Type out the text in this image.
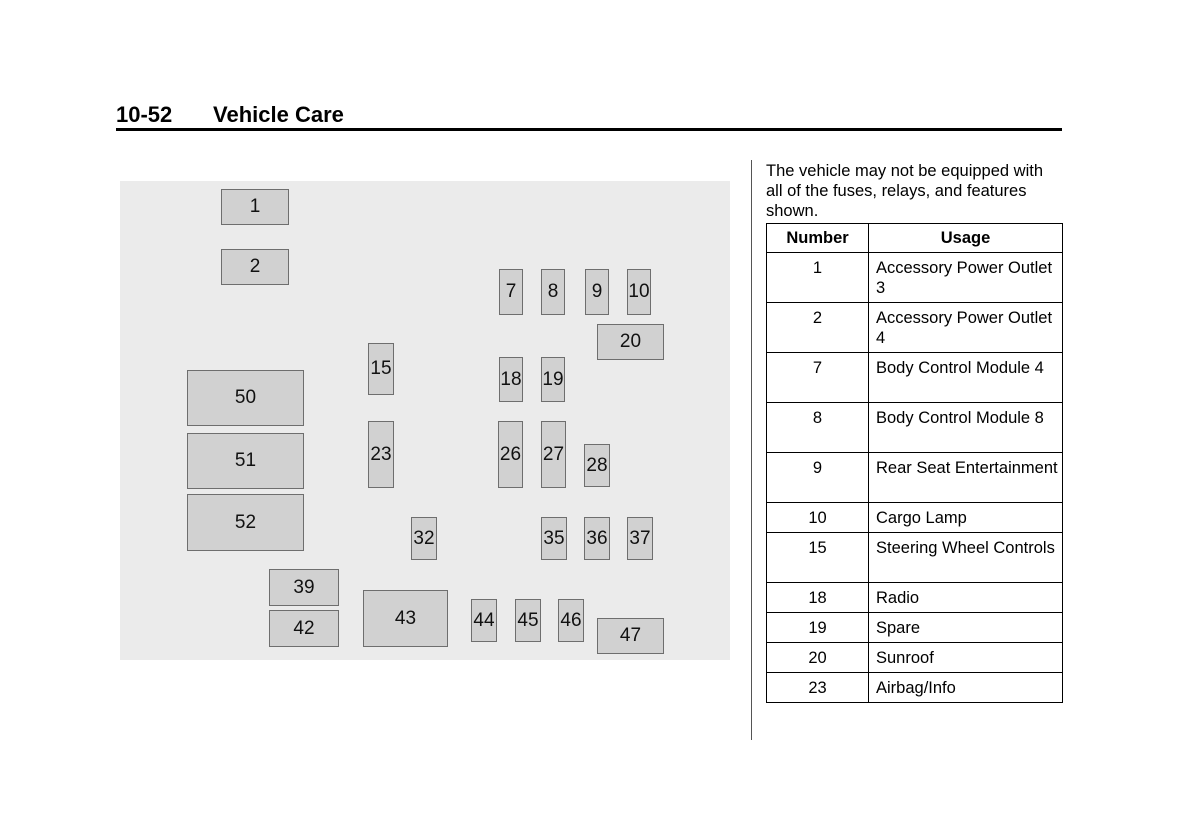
10-52 Vehicle Care
1
2
7	8	9	10
20
15	18 19
50
51
52
23	26 27
28
32	35 36 37
39
42	43	44 45 46
47
The vehicle may not be equipped with all of the fuses, relays, and features shown.
Number	Usage
1	Accessory Power Outlet 3
2	Accessory Power Outlet 4
7	Body Control Module 4
8	Body Control Module 8
9	Rear Seat Entertainment
10	Cargo Lamp
15	Steering Wheel Controls
18	Radio
19	Spare
20	Sunroof
23	Airbag/Info
